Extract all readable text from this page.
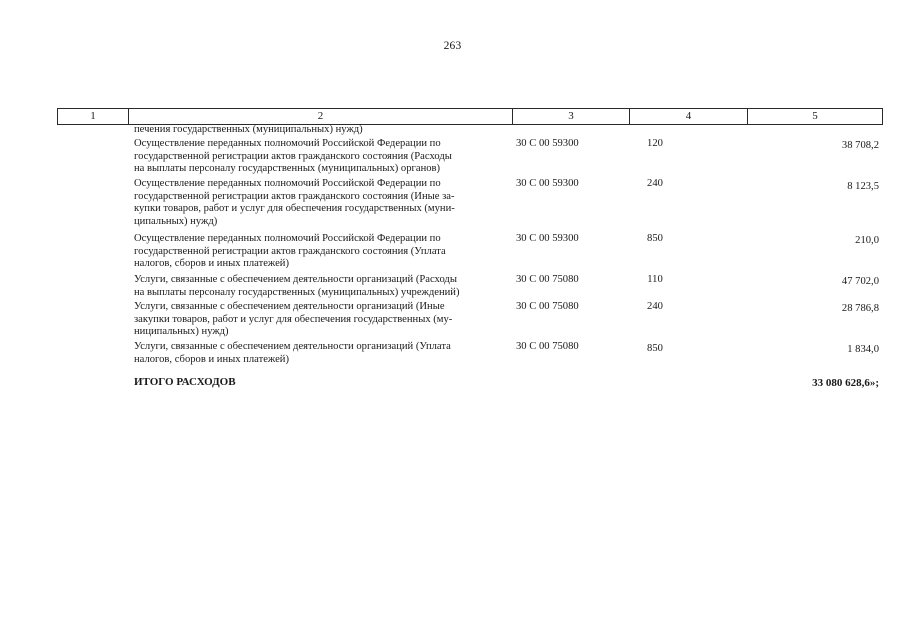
263
1	2	3	4	5
печения государственных (муниципальных) нужд)
Осуществление переданных полномочий Российской Федерации по
государственной регистрации актов гражданского состояния (Расходы
на выплаты персоналу государственных (муниципальных) органов)
30 С 00 59300	120	38 708,2
Осуществление переданных полномочий Российской Федерации по
государственной регистрации актов гражданского состояния (Иные за-
купки товаров, работ и услуг для обеспечения государственных (муни-
ципальных) нужд)
30 С 00 59300	240	8 123,5
Осуществление переданных полномочий Российской Федерации по
государственной регистрации актов гражданского состояния (Уплата
налогов, сборов и иных платежей)
30 С 00 59300	850	210,0
Услуги, связанные с обеспечением деятельности организаций (Расходы
на выплаты персоналу государственных (муниципальных) учреждений)
30 С 00 75080	110	47 702,0
Услуги, связанные с обеспечением деятельности организаций (Иные
закупки товаров, работ и услуг для обеспечения государственных (му-
ниципальных) нужд)
30 С 00 75080	240	28 786,8
Услуги, связанные с обеспечением деятельности организаций (Уплата
налогов, сборов и иных платежей)
30 С 00 75080	850	1 834,0
ИТОГО РАСХОДОВ	33 080 628,6»;
